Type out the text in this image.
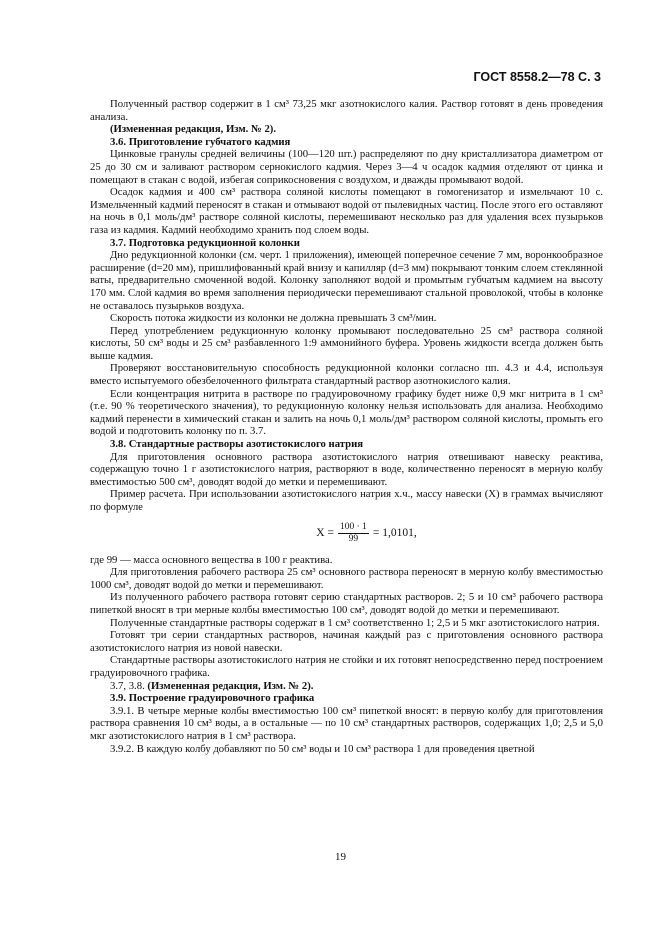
ГОСТ 8558.2—78 С. 3

Полученный раствор содержит в 1 см³ 73,25 мкг азотнокислого калия. Раствор готовят в день проведения анализа.

(Измененная редакция, Изм. № 2).

3.6. Приготовление губчатого кадмия

Цинковые гранулы средней величины (100—120 шт.) распределяют по дну кристаллизатора диаметром от 25 до 30 см и заливают раствором сернокислого кадмия. Через 3—4 ч осадок кадмия отделяют от цинка и помещают в стакан с водой, избегая соприкосновения с воздухом, и дважды промывают водой.

Осадок кадмия и 400 см³ раствора соляной кислоты помещают в гомогенизатор и измельчают 10 с. Измельченный кадмий переносят в стакан и отмывают водой от пылевидных частиц. После этого его оставляют на ночь в 0,1 моль/дм³ растворе соляной кислоты, перемешивают несколько раз для удаления всех пузырьков газа из кадмия. Кадмий необходимо хранить под слоем воды.

3.7. Подготовка редукционной колонки

Дно редукционной колонки (см. черт. 1 приложения), имеющей поперечное сечение 7 мм, воронкообразное расширение (d=20 мм), пришлифованный край внизу и капилляр (d=3 мм) покрывают тонким слоем стеклянной ваты, предварительно смоченной водой. Колонку заполняют водой и промытым губчатым кадмием на высоту 170 мм. Слой кадмия во время заполнения периодически перемешивают стальной проволокой, чтобы в колонке не оставалось пузырьков воздуха.

Скорость потока жидкости из колонки не должна превышать 3 см³/мин.

Перед употреблением редукционную колонку промывают последовательно 25 см³ раствора соляной кислоты, 50 см³ воды и 25 см³ разбавленного 1:9 аммонийного буфера. Уровень жидкости всегда должен быть выше кадмия.

Проверяют восстановительную способность редукционной колонки согласно пп. 4.3 и 4.4, используя вместо испытуемого обезбелоченного фильтрата стандартный раствор азотнокислого калия.

Если концентрация нитрита в растворе по градуировочному графику будет ниже 0,9 мкг нитрита в 1 см³ (т.е. 90 % теоретического значения), то редукционную колонку нельзя использовать для анализа. Необходимо кадмий перенести в химический стакан и залить на ночь 0,1 моль/дм³ раствором соляной кислоты, промыть его водой и подготовить колонку по п. 3.7.

3.8. Стандартные растворы азотистокислого натрия

Для приготовления основного раствора азотистокислого натрия отвешивают навеску реактива, содержащую точно 1 г азотистокислого натрия, растворяют в воде, количественно переносят в мерную колбу вместимостью 500 см³, доводят водой до метки и перемешивают.

Пример расчета. При использовании азотистокислого натрия х.ч., массу навески (X) в граммах вычисляют по формуле

$X = \frac{100 \cdot 1}{99} = 1,0101$,

где 99 — масса основного вещества в 100 г реактива.

Для приготовления рабочего раствора 25 см³ основного раствора переносят в мерную колбу вместимостью 1000 см³, доводят водой до метки и перемешивают.

Из полученного рабочего раствора готовят серию стандартных растворов. 2; 5 и 10 см³ рабочего раствора пипеткой вносят в три мерные колбы вместимостью 100 см³, доводят водой до метки и перемешивают.

Полученные стандартные растворы содержат в 1 см³ соответственно 1; 2,5 и 5 мкг азотистокислого натрия.

Готовят три серии стандартных растворов, начиная каждый раз с приготовления основного раствора азотистокислого натрия из новой навески.

Стандартные растворы азотистокислого натрия не стойки и их готовят непосредственно перед построением градуировочного графика.

3.7, 3.8. (Измененная редакция, Изм. № 2).

3.9. Построение градуировочного графика

3.9.1. В четыре мерные колбы вместимостью 100 см³ пипеткой вносят: в первую колбу для приготовления раствора сравнения 10 см³ воды, а в остальные — по 10 см³ стандартных растворов, содержащих 1,0; 2,5 и 5,0 мкг азотистокислого натрия в 1 см³ раствора.

3.9.2. В каждую колбу добавляют по 50 см³ воды и 10 см³ раствора 1 для проведения цветной

19
